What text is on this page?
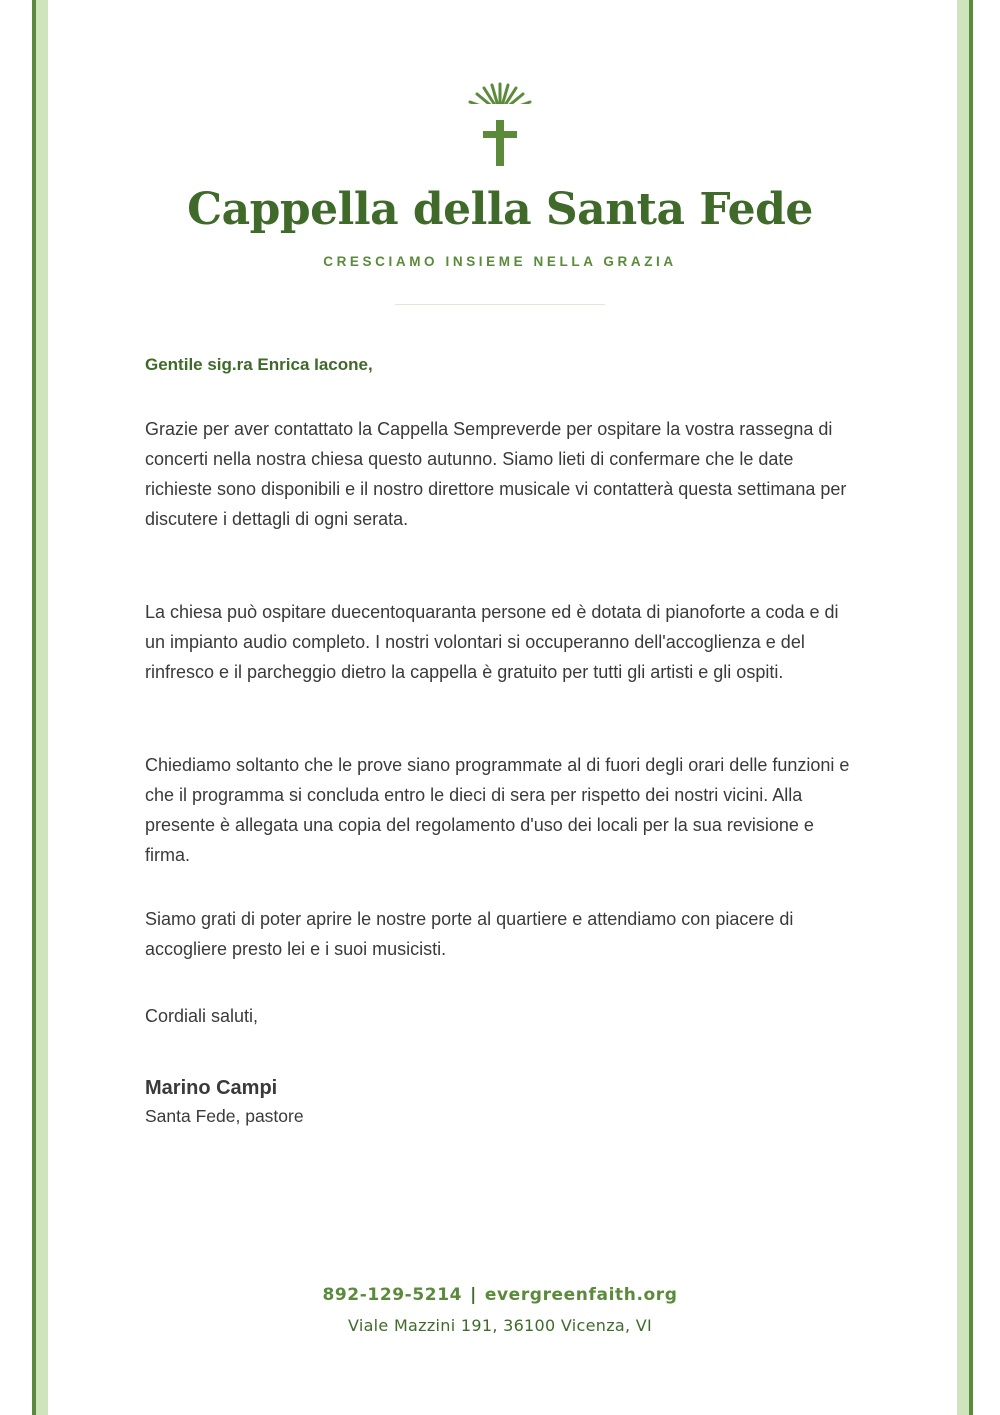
Cappella della Santa Fede
CRESCIAMO INSIEME NELLA GRAZIA

Gentile sig.ra Enrica Iacone,

Grazie per aver contattato la Cappella Sempreverde per ospitare la vostra rassegna di concerti nella nostra chiesa questo autunno. Siamo lieti di confermare che le date richieste sono disponibili e il nostro direttore musicale vi contatterà questa settimana per discutere i dettagli di ogni serata.

La chiesa può ospitare duecentoquaranta persone ed è dotata di pianoforte a coda e di un impianto audio completo. I nostri volontari si occuperanno dell'accoglienza e del rinfresco e il parcheggio dietro la cappella è gratuito per tutti gli artisti e gli ospiti.

Chiediamo soltanto che le prove siano programmate al di fuori degli orari delle funzioni e che il programma si concluda entro le dieci di sera per rispetto dei nostri vicini. Alla presente è allegata una copia del regolamento d'uso dei locali per la sua revisione e firma.

Siamo grati di poter aprire le nostre porte al quartiere e attendiamo con piacere di accogliere presto lei e i suoi musicisti.

Cordiali saluti,

Marino Campi
Santa Fede, pastore
892-129-5214 | evergreenfaith.org
Viale Mazzini 191, 36100 Vicenza, VI
